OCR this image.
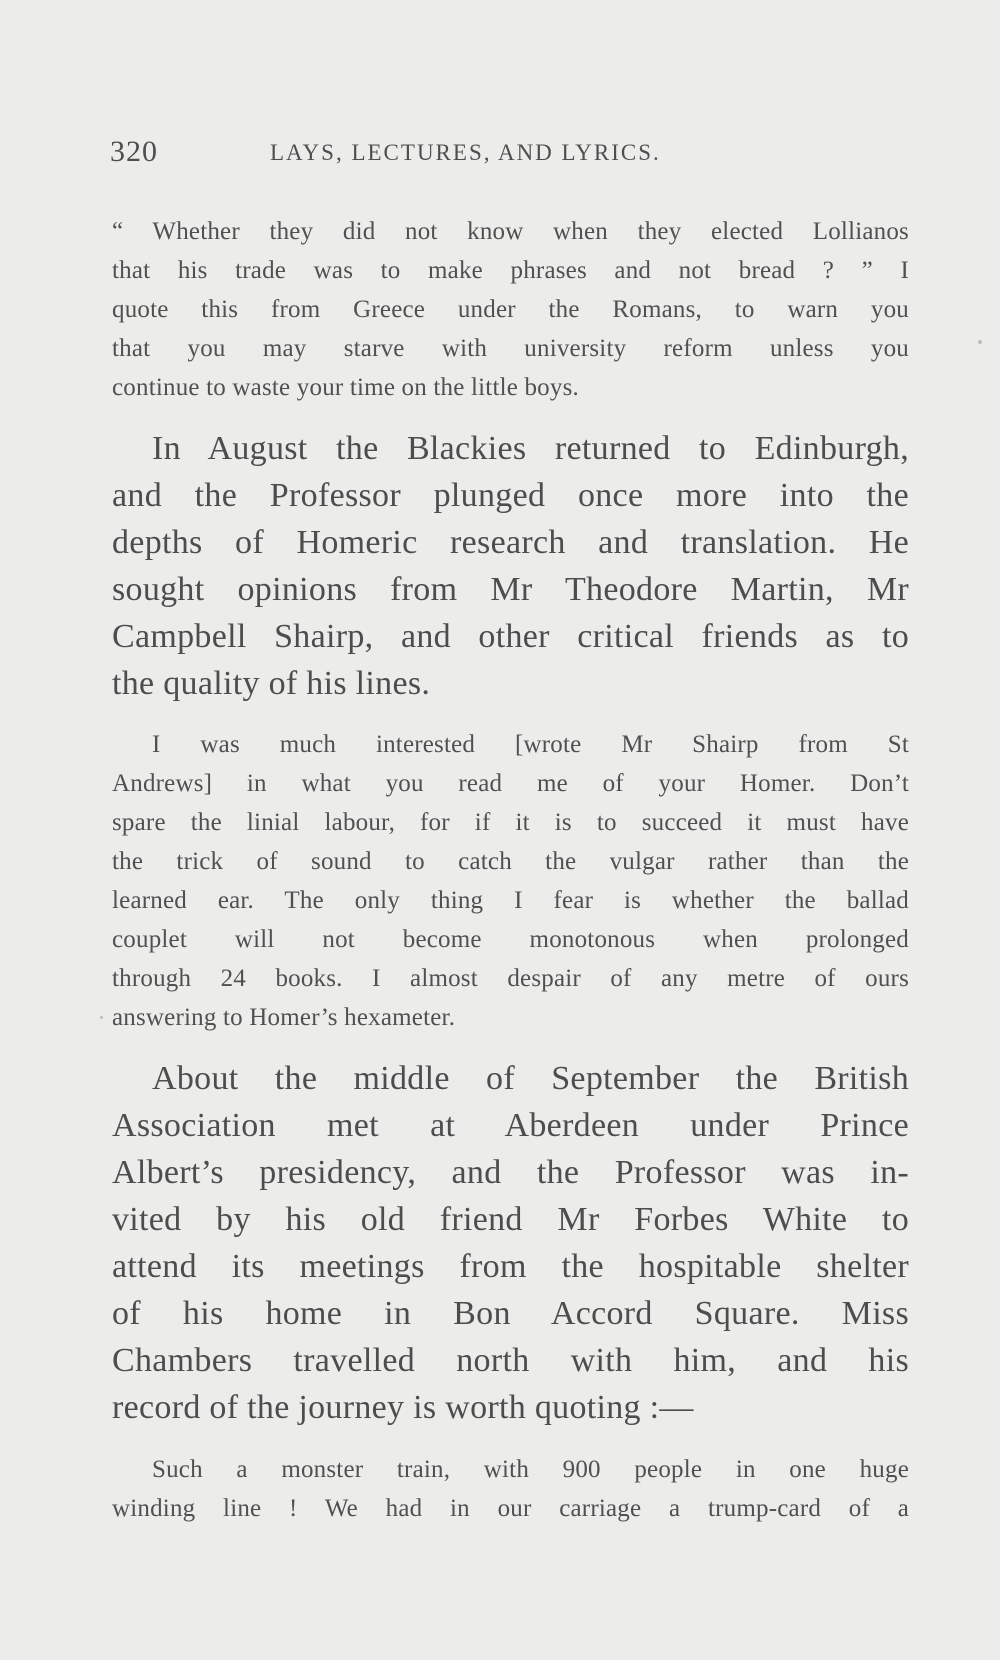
320	LAYS, LECTURES, AND LYRICS.
“ Whether they did not know when they elected Lollianos
that his trade was to make phrases and not bread ? ” I
quote this from Greece under the Romans, to warn you
that you may starve with university reform unless you
continue to waste your time on the little boys.
In August the Blackies returned to Edinburgh,
and the Professor plunged once more into the
depths of Homeric research and translation. He
sought opinions from Mr Theodore Martin, Mr
Campbell Shairp, and other critical friends as to
the quality of his lines.
I was much interested [wrote Mr Shairp from St
Andrews] in what you read me of your Homer. Don’t
spare the linial labour, for if it is to succeed it must have
the trick of sound to catch the vulgar rather than the
learned ear. The only thing I fear is whether the ballad
couplet will not become monotonous when prolonged
through 24 books. I almost despair of any metre of ours
answering to Homer’s hexameter.
About the middle of September the British
Association met at Aberdeen under Prince
Albert’s presidency, and the Professor was in-
vited by his old friend Mr Forbes White to
attend its meetings from the hospitable shelter
of his home in Bon Accord Square. Miss
Chambers travelled north with him, and his
record of the journey is worth quoting :—
Such a monster train, with 900 people in one huge
winding line ! We had in our carriage a trump-card of a
